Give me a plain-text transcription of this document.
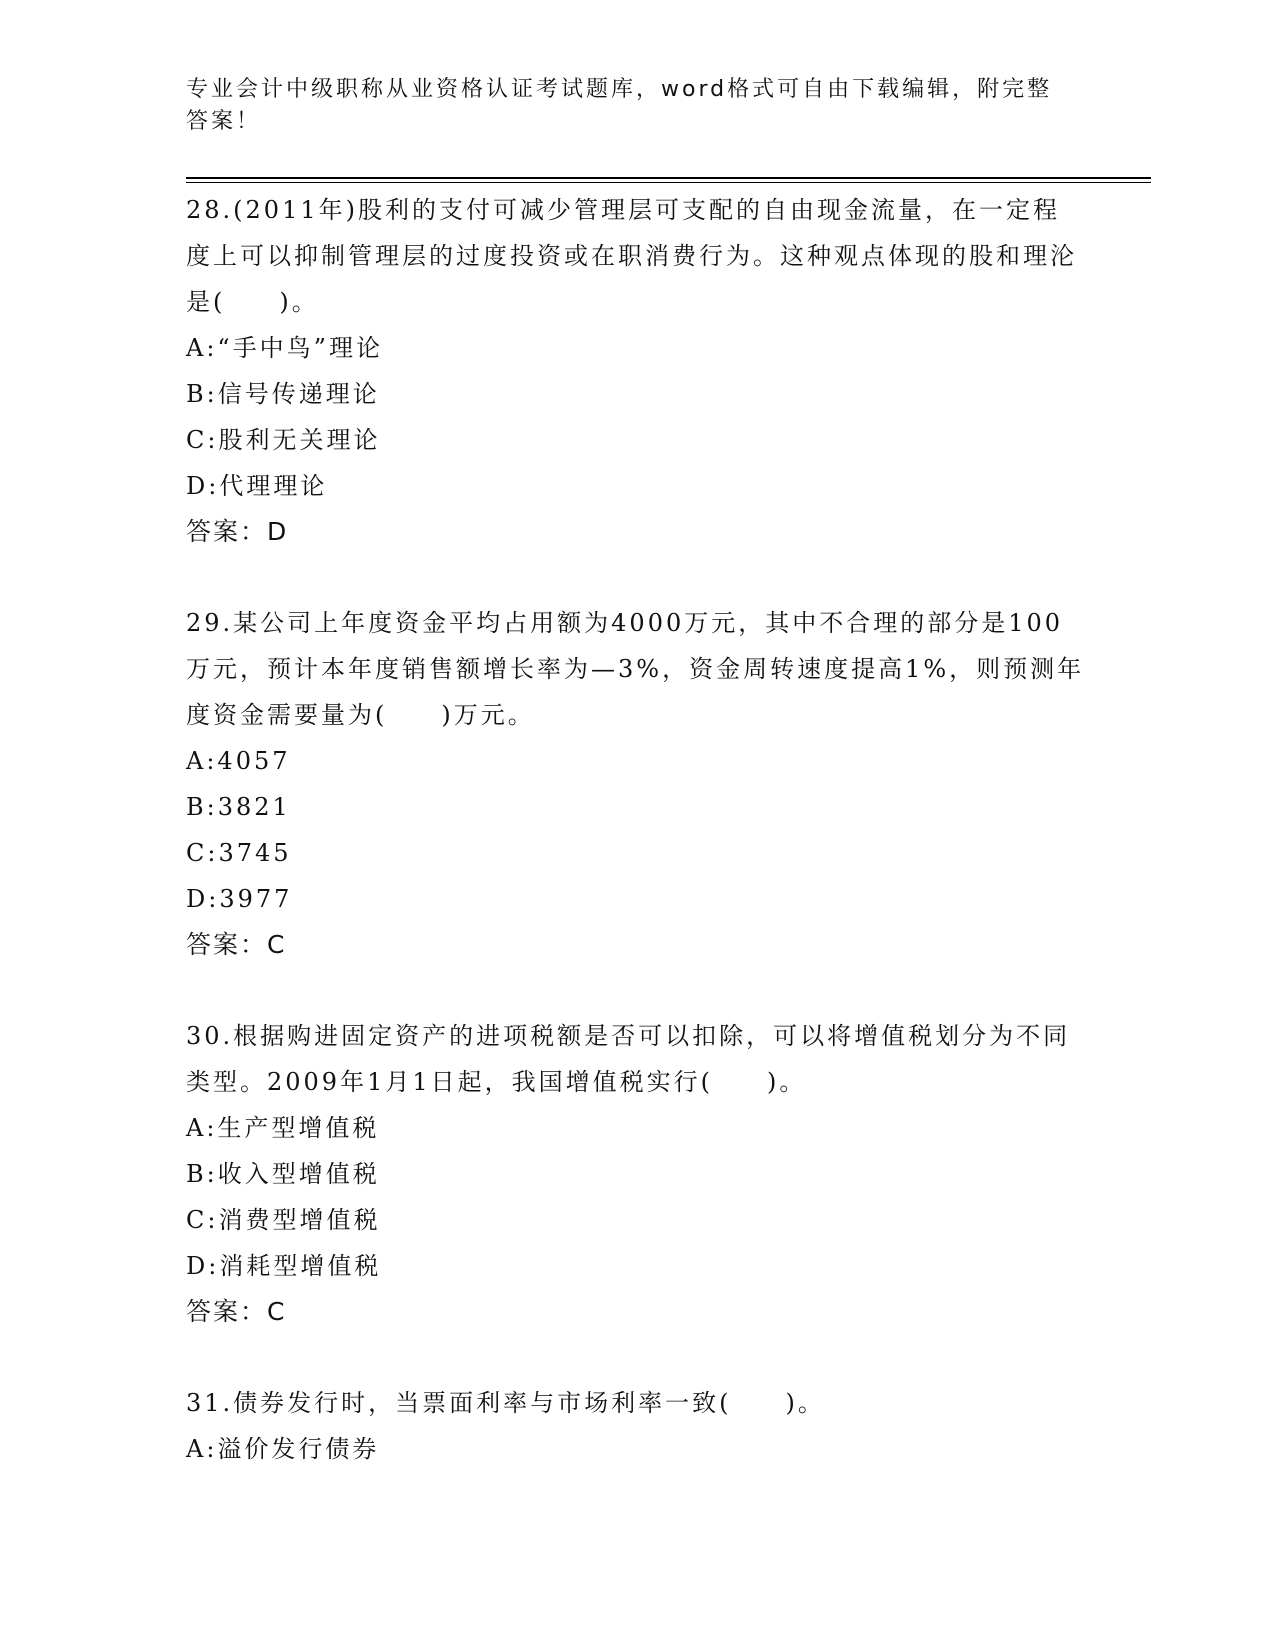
专业会计中级职称从业资格认证考试题库，word格式可自由下载编辑，附完整答案！

28.(2011年)股利的支付可减少管理层可支配的自由现金流量，在一定程度上可以抑制管理层的过度投资或在职消费行为。这种观点体现的股和理沦是(　　)。

A:“手中鸟”理论
B:信号传递理论
C:股利无关理论
D:代理理论
答案：D

29.某公司上年度资金平均占用额为4000万元，其中不合理的部分是100万元，预计本年度销售额增长率为—3%，资金周转速度提高1%，则预测年度资金需要量为(　　)万元。

A:4057
B:3821
C:3745
D:3977
答案：C

30.根据购进固定资产的进项税额是否可以扣除，可以将增值税划分为不同类型。2009年1月1日起，我国增值税实行(　　)。

A:生产型增值税
B:收入型增值税
C:消费型增值税
D:消耗型增值税
答案：C

31.债券发行时，当票面利率与市场利率一致(　　)。

A:溢价发行债券
